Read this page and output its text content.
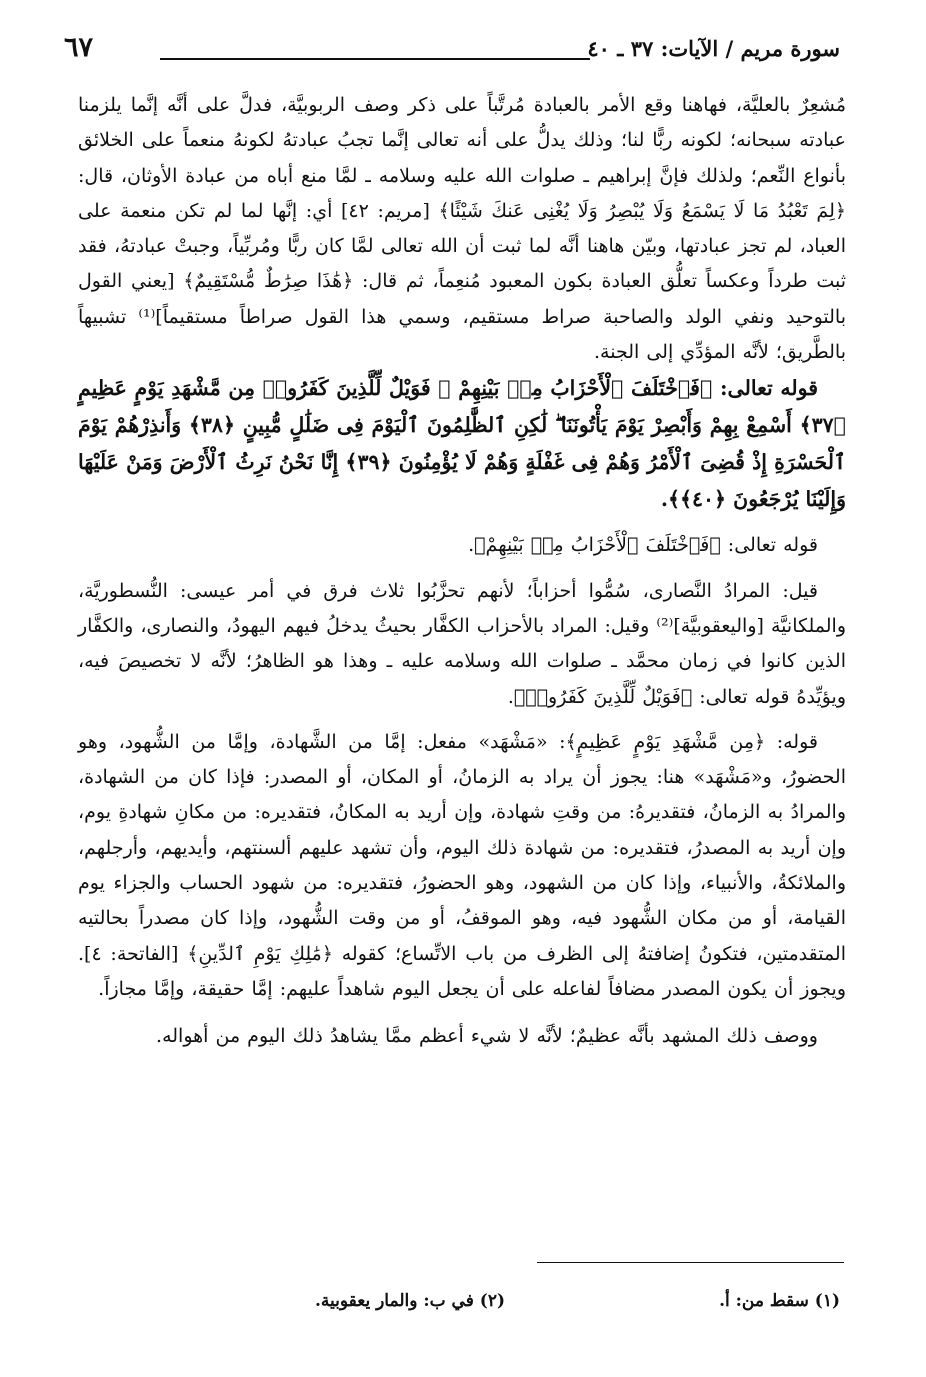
سورة مريم / الآيات: ٣٧ ـ ٤٠
٦٧

مُشعِرٌ بالعليَّة، فهاهنا وقع الأمر بالعبادة مُرتَّباً على ذكر وصف الربوبيَّة، فدلَّ على أنَّه إنَّما يلزمنا عبادته سبحانه؛ لكونه ربًّا لنا؛ وذلك يدلُّ على أنه تعالى إنَّما تجبُ عبادتهُ لكونهُ منعماً على الخلائق بأنواع النِّعم؛ ولذلك فإنَّ إبراهيم ـ صلوات الله عليه وسلامه ـ لمَّا منع أباه من عبادة الأوثان، قال: ﴿لِمَ تَعْبُدُ مَا لَا يَسْمَعُ وَلَا يُبْصِرُ وَلَا يُغْنِى عَنكَ شَيْئًا﴾ [مريم: ٤٢] أي: إنَّها لما لم تكن منعمة على العباد، لم تجز عبادتها، وبيّن هاهنا أنَّه لما ثبت أن الله تعالى لمَّا كان ربًّا ومُربِّياً، وجبتْ عبادتهُ، فقد ثبت طرداً وعكساً تعلُّق العبادة بكون المعبود مُنعِماً، ثم قال: ﴿هَٰذَا صِرَٰطٌ مُّسْتَقِيمٌ﴾ [يعني القول بالتوحيد ونفي الولد والصاحبة صراط مستقيم، وسمي هذا القول صراطاً مستقيماً]⁽¹⁾ تشبيهاً بالطَّريق؛ لأنَّه المؤدِّي إلى الجنة.

قوله تعالى: ﴿فَٱخْتَلَفَ ٱلْأَحْزَابُ مِنۢ بَيْنِهِمْ ۖ فَوَيْلٌ لِّلَّذِينَ كَفَرُوا۟ مِن مَّشْهَدِ يَوْمٍ عَظِيمٍ ﴿٣٧﴾ أَسْمِعْ بِهِمْ وَأَبْصِرْ يَوْمَ يَأْتُونَنَا ۖ لَٰكِنِ ٱلظَّٰلِمُونَ ٱلْيَوْمَ فِى ضَلَٰلٍ مُّبِينٍ ﴿٣٨﴾ وَأَنذِرْهُمْ يَوْمَ ٱلْحَسْرَةِ إِذْ قُضِىَ ٱلْأَمْرُ وَهُمْ فِى غَفْلَةٍ وَهُمْ لَا يُؤْمِنُونَ ﴿٣٩﴾ إِنَّا نَحْنُ نَرِثُ ٱلْأَرْضَ وَمَنْ عَلَيْهَا وَإِلَيْنَا يُرْجَعُونَ ﴿٤٠﴾﴾.

قوله تعالى: ﴿فَٱخْتَلَفَ ٱلْأَحْزَابُ مِنۢ بَيْنِهِمْ﴾.

قيل: المرادُ النَّصارى، سُمُّوا أحزاباً؛ لأنهم تحزَّبُوا ثلاث فرق في أمر عيسى: النُّسطوريَّة، والملكانيَّة [واليعقوبيَّة]⁽²⁾ وقيل: المراد بالأحزاب الكفَّار بحيثُ يدخلُ فيهم اليهودُ، والنصارى، والكفَّار الذين كانوا في زمان محمَّد ـ صلوات الله وسلامه عليه ـ وهذا هو الظاهرُ؛ لأنَّه لا تخصيصَ فيه، ويؤيِّدهُ قوله تعالى: ﴿فَوَيْلٌ لِّلَّذِينَ كَفَرُوا۟﴾.

قوله: ﴿مِن مَّشْهَدِ يَوْمٍ عَظِيمٍ﴾: «مَشْهَد» مفعل: إمَّا من الشَّهادة، وإمَّا من الشُّهود، وهو الحضورُ، و«مَشْهَد» هنا: يجوز أن يراد به الزمانُ، أو المكان، أو المصدر: فإذا كان من الشهادة، والمرادُ به الزمانُ، فتقديرهُ: من وقتِ شهادة، وإن أريد به المكانُ، فتقديره: من مكانِ شهادةِ يوم، وإن أريد به المصدرُ، فتقديره: من شهادة ذلك اليوم، وأن تشهد عليهم ألسنتهم، وأيديهم، وأرجلهم، والملائكةُ، والأنبياء، وإذا كان من الشهود، وهو الحضورُ، فتقديره: من شهود الحساب والجزاء يوم القيامة، أو من مكان الشُّهود فيه، وهو الموقفُ، أو من وقت الشُّهود، وإذا كان مصدراً بحالتيه المتقدمتين، فتكونُ إضافتهُ إلى الظرف من باب الاتِّساع؛ كقوله ﴿مَٰلِكِ يَوْمِ ٱلدِّينِ﴾ [الفاتحة: ٤]. ويجوز أن يكون المصدر مضافاً لفاعله على أن يجعل اليوم شاهداً عليهم: إمَّا حقيقة، وإمَّا مجازاً.

ووصف ذلك المشهد بأنَّه عظيمٌ؛ لأنَّه لا شيء أعظم ممَّا يشاهدُ ذلك اليوم من أهواله.

(١) سقط من: أ.
(٢) في ب: والمار يعقوبية.
